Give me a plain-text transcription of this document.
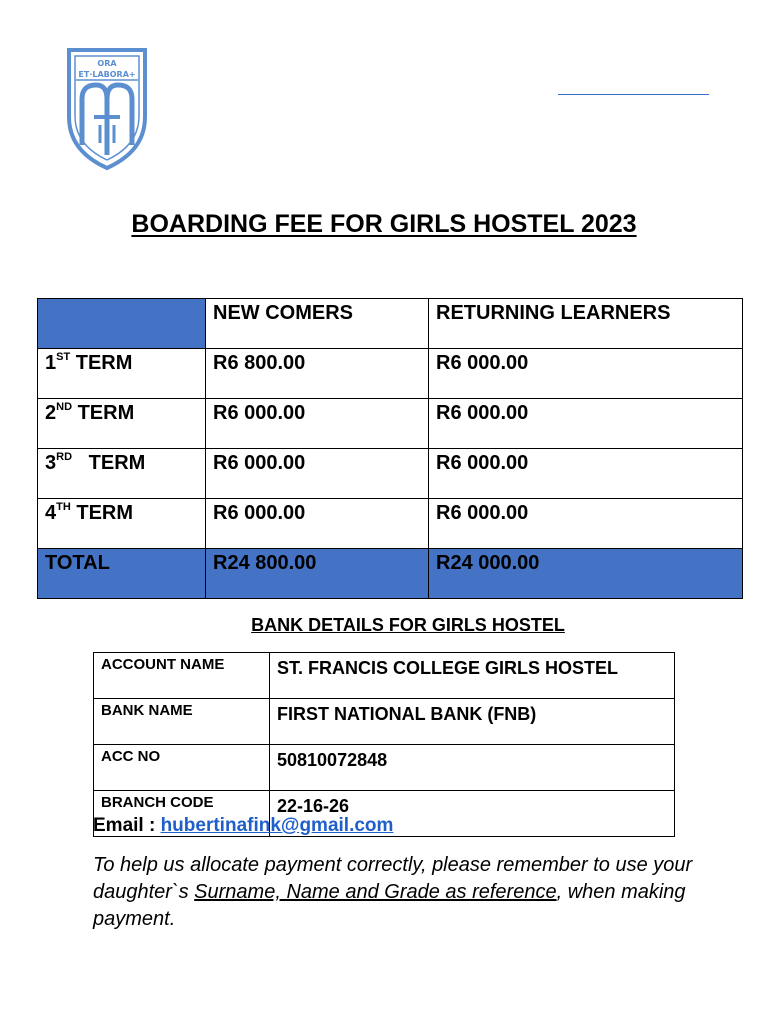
ORA
ET·LABORA+
BOARDING FEE FOR GIRLS HOSTEL 2023
	NEW COMERS	RETURNING LEARNERS
1ST TERM	R6 800.00	R6 000.00
2ND TERM	R6 000.00	R6 000.00
3RD   TERM	R6 000.00	R6 000.00
4TH TERM	R6 000.00	R6 000.00
TOTAL	R24 800.00	R24 000.00
BANK DETAILS FOR GIRLS HOSTEL
ACCOUNT NAME	ST. FRANCIS COLLEGE GIRLS HOSTEL
BANK NAME	FIRST NATIONAL BANK (FNB)
ACC NO	50810072848
BRANCH CODE	22-16-26
Email : hubertinafink@gmail.com
To help us allocate payment correctly, please remember to use your daughter`s Surname, Name and Grade as reference, when making payment.
